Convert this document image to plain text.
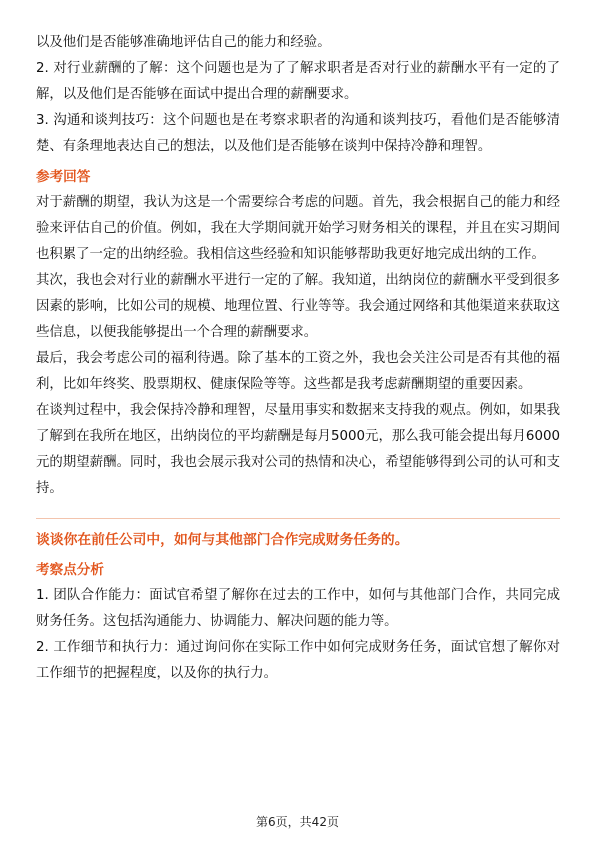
以及他们是否能够准确地评估自己的能力和经验。

2. 对行业薪酬的了解：这个问题也是为了了解求职者是否对行业的薪酬水平有一定的了解，以及他们是否能够在面试中提出合理的薪酬要求。

3. 沟通和谈判技巧：这个问题也是在考察求职者的沟通和谈判技巧，看他们是否能够清楚、有条理地表达自己的想法，以及他们是否能够在谈判中保持冷静和理智。

参考回答

对于薪酬的期望，我认为这是一个需要综合考虑的问题。首先，我会根据自己的能力和经验来评估自己的价值。例如，我在大学期间就开始学习财务相关的课程，并且在实习期间也积累了一定的出纳经验。我相信这些经验和知识能够帮助我更好地完成出纳的工作。

其次，我也会对行业的薪酬水平进行一定的了解。我知道，出纳岗位的薪酬水平受到很多因素的影响，比如公司的规模、地理位置、行业等等。我会通过网络和其他渠道来获取这些信息，以便我能够提出一个合理的薪酬要求。

最后，我会考虑公司的福利待遇。除了基本的工资之外，我也会关注公司是否有其他的福利，比如年终奖、股票期权、健康保险等等。这些都是我考虑薪酬期望的重要因素。

在谈判过程中，我会保持冷静和理智，尽量用事实和数据来支持我的观点。例如，如果我了解到在我所在地区，出纳岗位的平均薪酬是每月5000元，那么我可能会提出每月6000元的期望薪酬。同时，我也会展示我对公司的热情和决心，希望能够得到公司的认可和支持。

谈谈你在前任公司中，如何与其他部门合作完成财务任务的。

考察点分析

1. 团队合作能力：面试官希望了解你在过去的工作中，如何与其他部门合作，共同完成财务任务。这包括沟通能力、协调能力、解决问题的能力等。

2. 工作细节和执行力：通过询问你在实际工作中如何完成财务任务，面试官想了解你对工作细节的把握程度，以及你的执行力。

第6页，共42页
